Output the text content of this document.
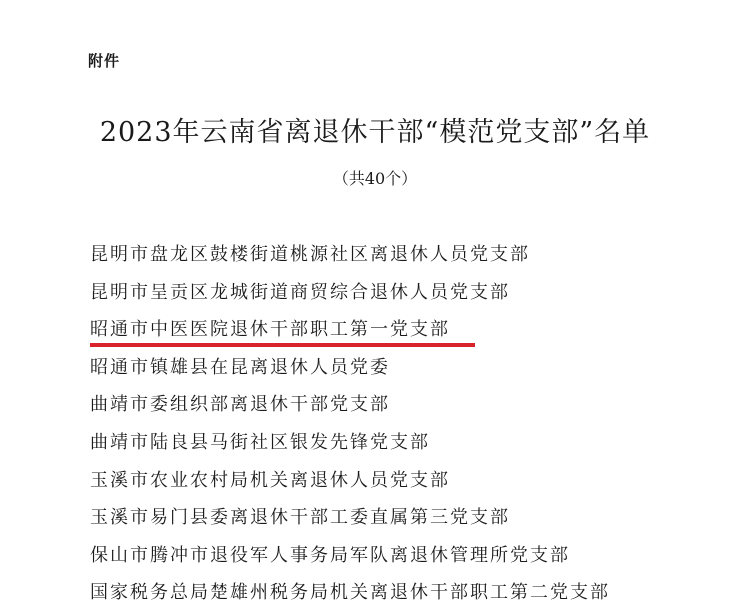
附件
2023年云南省离退休干部“模范党支部”名单
（共40个）
昆明市盘龙区鼓楼街道桃源社区离退休人员党支部
昆明市呈贡区龙城街道商贸综合退休人员党支部
昭通市中医医院退休干部职工第一党支部
昭通市镇雄县在昆离退休人员党委
曲靖市委组织部离退休干部党支部
曲靖市陆良县马街社区银发先锋党支部
玉溪市农业农村局机关离退休人员党支部
玉溪市易门县委离退休干部工委直属第三党支部
保山市腾冲市退役军人事务局军队离退休管理所党支部
国家税务总局楚雄州税务局机关离退休干部职工第二党支部
